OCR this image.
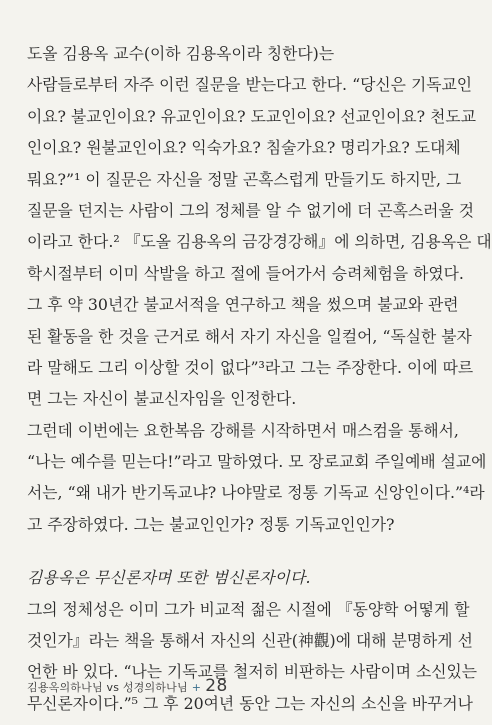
도올 김용옥 교수(이하 김용옥이라 칭한다)는
사람들로부터 자주 이런 질문을 받는다고 한다. “당신은 기독교인
이요? 불교인이요? 유교인이요? 도교인이요? 선교인이요? 천도교
인이요? 원불교인이요? 익숙가요? 침술가요? 명리가요? 도대체
뭐요?”¹ 이 질문은 자신을 정말 곤혹스럽게 만들기도 하지만, 그
질문을 던지는 사람이 그의 정체를 알 수 없기에 더 곤혹스러울 것
이라고 한다.² 『도올 김용옥의 금강경강해』에 의하면, 김용옥은 대
학시절부터 이미 삭발을 하고 절에 들어가서 승려체험을 하였다.
그 후 약 30년간 불교서적을 연구하고 책을 썼으며 불교와 관련
된 활동을 한 것을 근거로 해서 자기 자신을 일컬어, “독실한 불자
라 말해도 그리 이상할 것이 없다”³라고 그는 주장한다. 이에 따르
면 그는 자신이 불교신자임을 인정한다.
그런데 이번에는 요한복음 강해를 시작하면서 매스컴을 통해서,
“나는 예수를 믿는다!”라고 말하였다. 모 장로교회 주일예배 설교에
서는, “왜 내가 반기독교냐? 나야말로 정통 기독교 신앙인이다.”⁴라
고 주장하였다. 그는 불교인인가? 정통 기독교인인가?
김용옥은 무신론자며 또한 범신론자이다.
그의 정체성은 이미 그가 비교적 젊은 시절에 『동양학 어떻게 할
것인가』라는 책을 통해서 자신의 신관(神觀)에 대해 분명하게 선
언한 바 있다. “나는 기독교를 철저히 비판하는 사람이며 소신있는
무신론자이다.”⁵ 그 후 20여년 동안 그는 자신의 소신을 바꾸거나
김용옥의하나님 vs 성경의하나님 + 28
